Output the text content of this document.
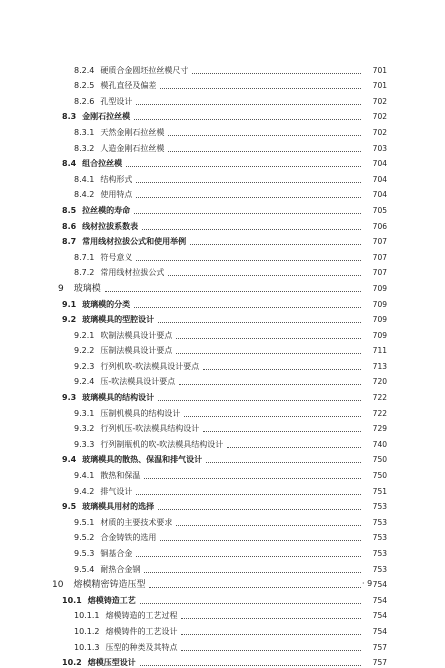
8.2.4 硬质合金圆坯拉丝模尺寸	701
8.2.5 模孔直径及偏差	701
8.2.6 孔型设计	702
8.3 金刚石拉丝模	702
8.3.1 天然金刚石拉丝模	702
8.3.2 人造金刚石拉丝模	703
8.4 组合拉丝模	704
8.4.1 结构形式	704
8.4.2 使用特点	704
8.5 拉丝模的寿命	705
8.6 线材拉拔系数表	706
8.7 常用线材拉拔公式和使用举例	707
8.7.1 符号意义	707
8.7.2 常用线材拉拔公式	707
9 玻璃模	709
9.1 玻璃模的分类	709
9.2 玻璃模具的型腔设计	709
9.2.1 吹制法模具设计要点	709
9.2.2 压制法模具设计要点	711
9.2.3 行列机吹-吹法模具设计要点	713
9.2.4 压-吹法模具设计要点	720
9.3 玻璃模具的结构设计	722
9.3.1 压制机模具的结构设计	722
9.3.2 行列机压-吹法模具结构设计	729
9.3.3 行列制瓶机的吹-吹法模具结构设计	740
9.4 玻璃模具的散热、保温和排气设计	750
9.4.1 散热和保温	750
9.4.2 排气设计	751
9.5 玻璃模具用材的选择	753
9.5.1 材质的主要技术要求	753
9.5.2 合金铸铁的选用	753
9.5.3 铜基合金	753
9.5.4 耐热合金钢	753
10 熔模精密铸造压型	754
10.1 熔模铸造工艺	754
10.1.1 熔模铸造的工艺过程	754
10.1.2 熔模铸件的工艺设计	754
10.1.3 压型的种类及其特点	757
10.2 熔模压型设计	757
· 9 ·
